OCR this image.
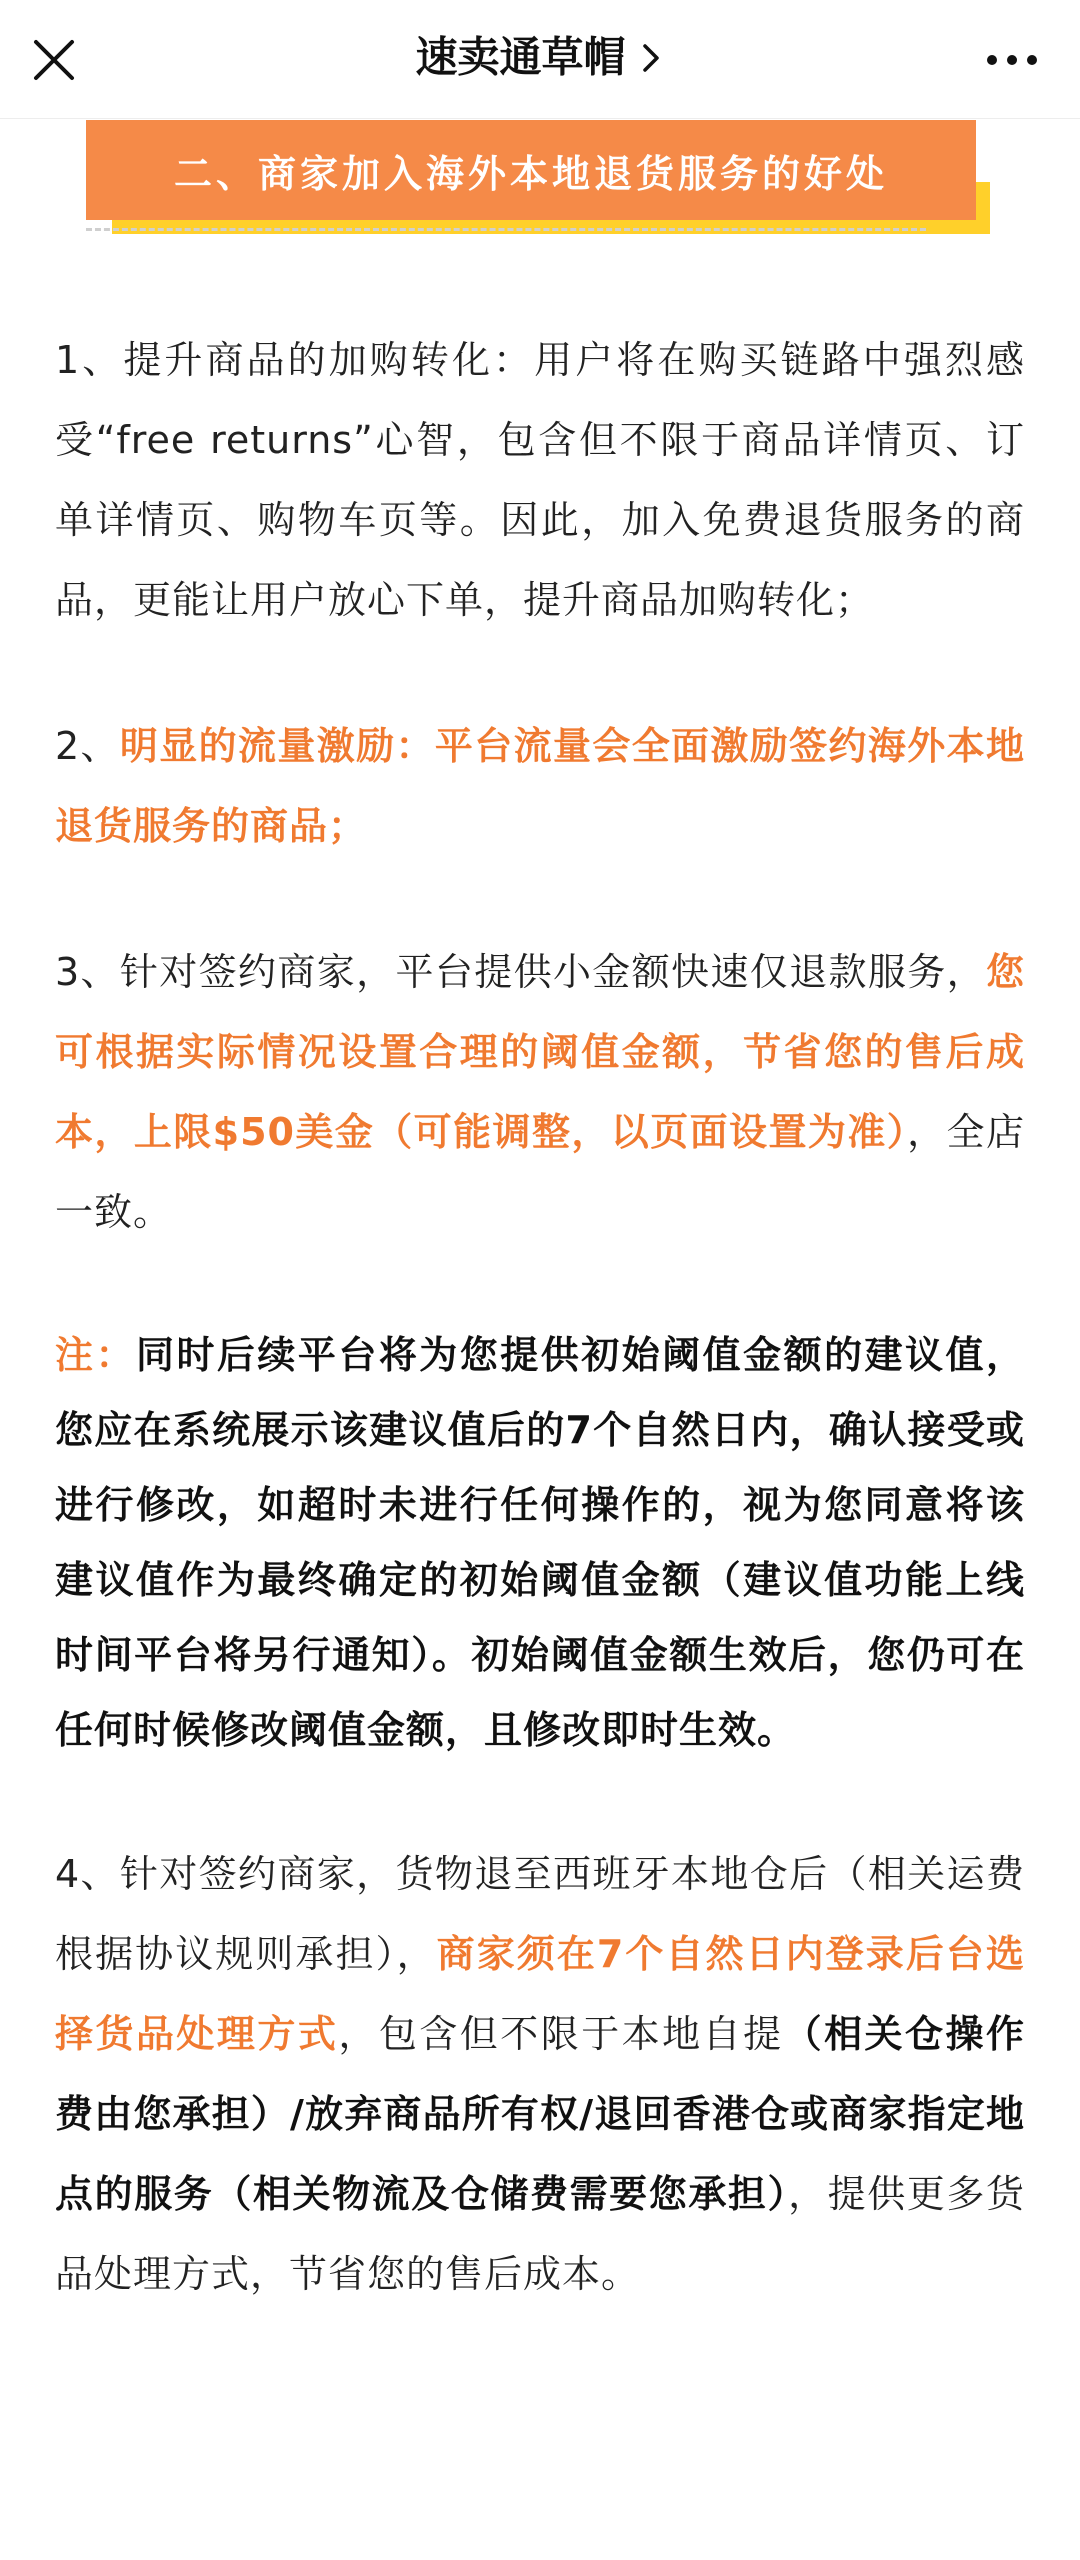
速卖通草帽
二、商家加入海外本地退货服务的好处

1、提升商品的加购转化：用户将在购买链路中强烈感受“free returns”心智，包含但不限于商品详情页、订单详情页、购物车页等。因此，加入免费退货服务的商品，更能让用户放心下单，提升商品加购转化；

2、明显的流量激励：平台流量会全面激励签约海外本地退货服务的商品；

3、针对签约商家，平台提供小金额快速仅退款服务，您可根据实际情况设置合理的阈值金额，节省您的售后成本，上限$50美金（可能调整，以页面设置为准），全店一致。

注：同时后续平台将为您提供初始阈值金额的建议值，您应在系统展示该建议值后的7个自然日内，确认接受或进行修改，如超时未进行任何操作的，视为您同意将该建议值作为最终确定的初始阈值金额（建议值功能上线时间平台将另行通知）。初始阈值金额生效后，您仍可在任何时候修改阈值金额，且修改即时生效。

4、针对签约商家，货物退至西班牙本地仓后（相关运费根据协议规则承担），商家须在7个自然日内登录后台选择货品处理方式，包含但不限于本地自提（相关仓操作费由您承担）/放弃商品所有权/退回香港仓或商家指定地点的服务（相关物流及仓储费需要您承担），提供更多货品处理方式，节省您的售后成本。
